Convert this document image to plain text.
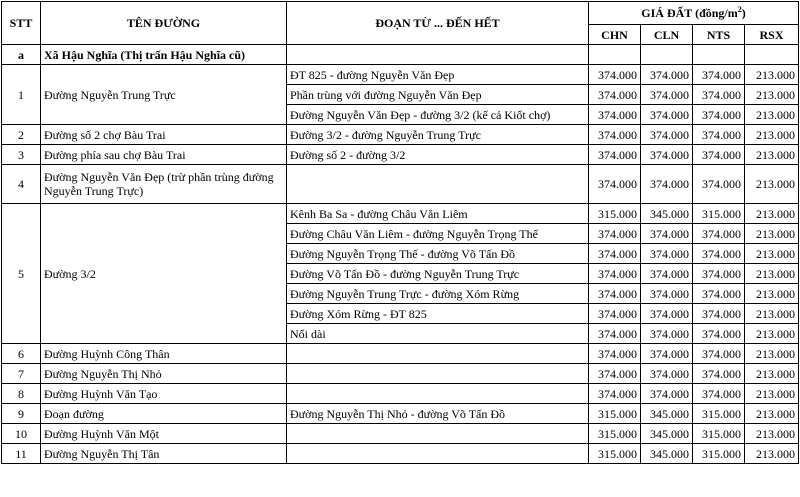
STT	TÊN ĐƯỜNG	ĐOẠN TỪ ... ĐẾN HẾT	GIÁ ĐẤT $(đồng/m^2)$			
			CHN	CLN	NTS	RSX
a	Xã Hậu Nghĩa (Thị trấn Hậu Nghĩa cũ)					
1	Đường Nguyễn Trung Trực	ĐT 825 - đường Nguyễn Văn Đẹp	374.000	374.000	374.000	213.000
		Phần trùng với đường Nguyễn Văn Đẹp	374.000	374.000	374.000	213.000
		Đường Nguyễn Văn Đẹp - đường 3/2 (kể cả Kiốt chợ)	374.000	374.000	374.000	213.000
2	Đường số 2 chợ Bàu Trai	Đường 3/2 - đường Nguyễn Trung Trực	374.000	374.000	374.000	213.000
3	Đường phía sau chợ Bàu Trai	Đường số 2 - đường 3/2	374.000	374.000	374.000	213.000
4	Đường Nguyễn Văn Đẹp (trừ phần trùng đường Nguyễn Trung Trực)		374.000	374.000	374.000	213.000
5	Đường 3/2	Kênh Ba Sa - đường Châu Văn Liêm	315.000	345.000	315.000	213.000
		Đường Châu Văn Liêm - đường Nguyễn Trọng Thế	374.000	374.000	374.000	213.000
		Đường Nguyễn Trọng Thế - đường Võ Tấn Đồ	374.000	374.000	374.000	213.000
		Đường Võ Tấn Đồ - đường Nguyễn Trung Trực	374.000	374.000	374.000	213.000
		Đường Nguyễn Trung Trực - đường Xóm Rừng	374.000	374.000	374.000	213.000
		Đường Xóm Rừng - ĐT 825	374.000	374.000	374.000	213.000
		Nối dài	374.000	374.000	374.000	213.000
6	Đường Huỳnh Công Thân		374.000	374.000	374.000	213.000
7	Đường Nguyễn Thị Nhỏ		374.000	374.000	374.000	213.000
8	Đường Huỳnh Văn Tạo		374.000	374.000	374.000	213.000
9	Đoạn đường	Đường Nguyễn Thị Nhỏ - đường Võ Tấn Đồ	315.000	345.000	315.000	213.000
10	Đường Huỳnh Văn Một		315.000	345.000	315.000	213.000
11	Đường Nguyễn Thị Tân		315.000	345.000	315.000	213.000
